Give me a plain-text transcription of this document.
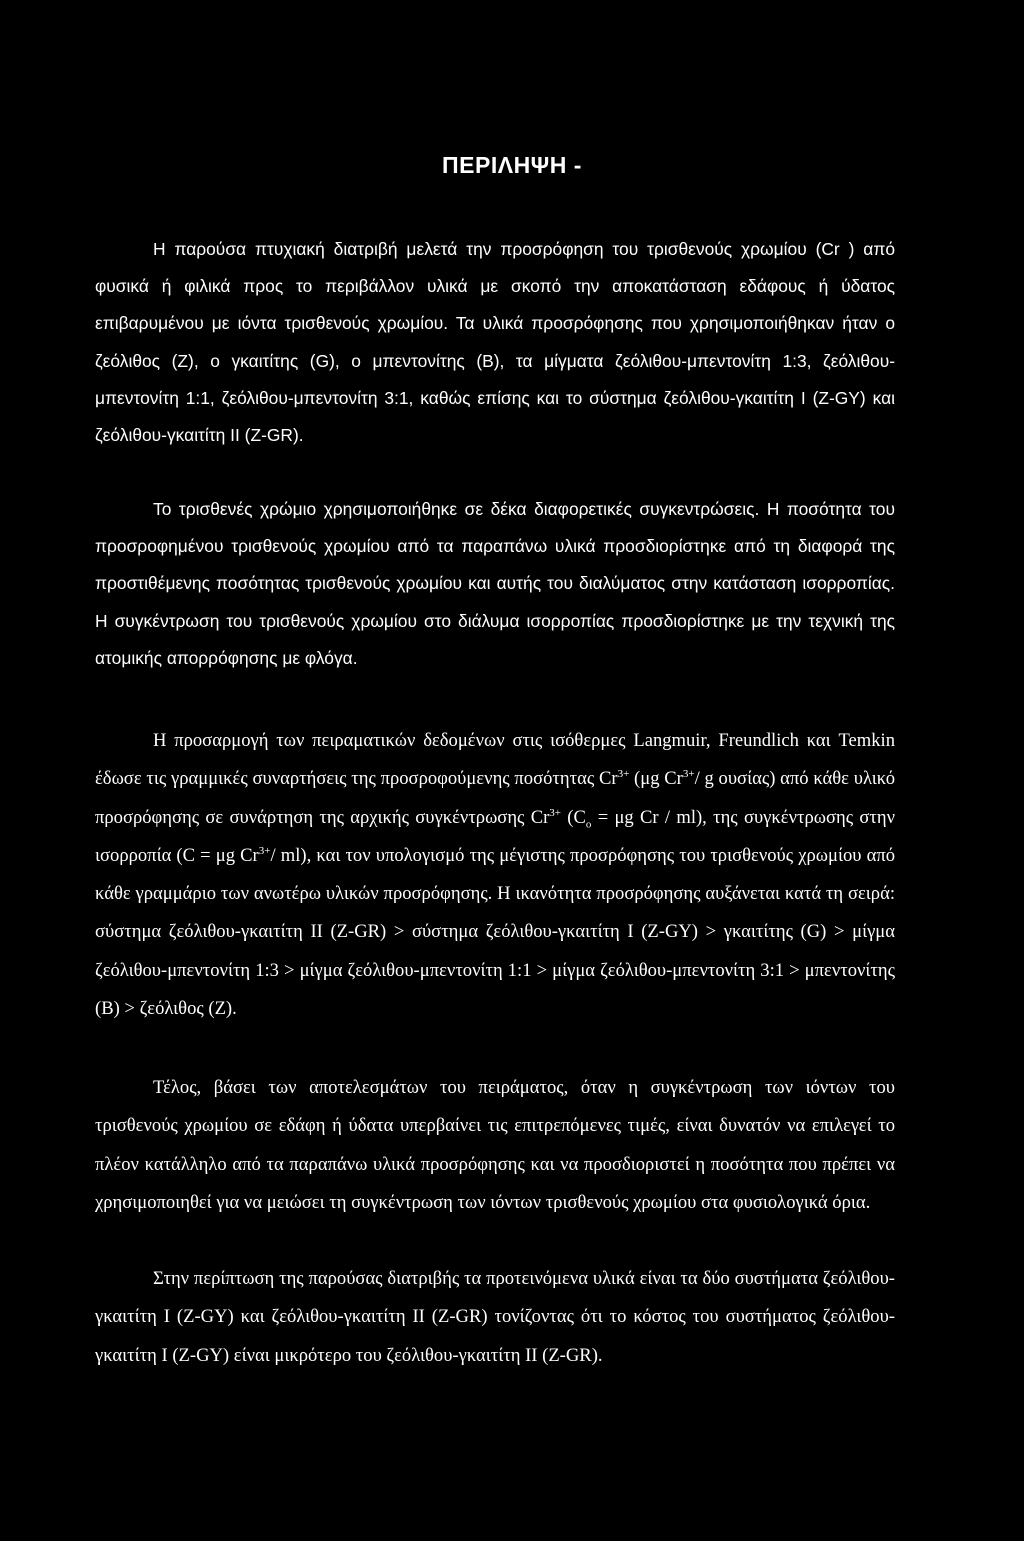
ΠΕΡΙΛΗΨΗ -

Η παρούσα πτυχιακή διατριβή μελετά την προσρόφηση του τρισθενούς χρωμίου (Cr ) από φυσικά ή φιλικά προς το περιβάλλον υλικά με σκοπό την αποκατάσταση εδάφους ή ύδατος επιβαρυμένου με ιόντα τρισθενούς χρωμίου. Τα υλικά προσρόφησης που χρησιμοποιήθηκαν ήταν ο ζεόλιθος (Ζ), ο γκαιτίτης (G), ο μπεντονίτης (Β), τα μίγματα ζεόλιθου-μπεντονίτη 1:3, ζεόλιθου-μπεντονίτη 1:1, ζεόλιθου-μπεντονίτη 3:1, καθώς επίσης και το σύστημα ζεόλιθου-γκαιτίτη I (Z-GY) και ζεόλιθου-γκαιτίτη II (Z-GR).

Το τρισθενές χρώμιο χρησιμοποιήθηκε σε δέκα διαφορετικές συγκεντρώσεις. Η ποσότητα του προσροφημένου τρισθενούς χρωμίου από τα παραπάνω υλικά προσδιορίστηκε από τη διαφορά της προστιθέμενης ποσότητας τρισθενούς χρωμίου και αυτής του διαλύματος στην κατάσταση ισορροπίας. Η συγκέντρωση του τρισθενούς χρωμίου στο διάλυμα ισορροπίας προσδιορίστηκε με την τεχνική της ατομικής απορρόφησης με φλόγα.

Η προσαρμογή των πειραματικών δεδομένων στις ισόθερμες Langmuir, Freundlich και Temkin έδωσε τις γραμμικές συναρτήσεις της προσροφούμενης ποσότητας $Cr^{3+}$ (μg $Cr^{3+}/$ g ουσίας) από κάθε υλικό προσρόφησης σε συνάρτηση της αρχικής συγκέντρωσης $Cr^{3+}$ ($C_o = \mu g$ Cr / ml), της συγκέντρωσης στην ισορροπία (C = μg $Cr^{3+}/$ ml), και τον υπολογισμό της μέγιστης προσρόφησης του τρισθενούς χρωμίου από κάθε γραμμάριο των ανωτέρω υλικών προσρόφησης. Η ικανότητα προσρόφησης αυξάνεται κατά τη σειρά: σύστημα ζεόλιθου-γκαιτίτη II (Z-GR) > σύστημα ζεόλιθου-γκαιτίτη I (Z-GY) > γκαιτίτης (G) > μίγμα ζεόλιθου-μπεντονίτη 1:3 > μίγμα ζεόλιθου-μπεντονίτη 1:1 > μίγμα ζεόλιθου-μπεντονίτη 3:1 > μπεντονίτης (Β) > ζεόλιθος (Ζ).

Τέλος, βάσει των αποτελεσμάτων του πειράματος, όταν η συγκέντρωση των ιόντων του τρισθενούς χρωμίου σε εδάφη ή ύδατα υπερβαίνει τις επιτρεπόμενες τιμές, είναι δυνατόν να επιλεγεί το πλέον κατάλληλο από τα παραπάνω υλικά προσρόφησης και να προσδιοριστεί η ποσότητα που πρέπει να χρησιμοποιηθεί για να μειώσει τη συγκέντρωση των ιόντων τρισθενούς χρωμίου στα φυσιολογικά όρια.

Στην περίπτωση της παρούσας διατριβής τα προτεινόμενα υλικά είναι τα δύο συστήματα ζεόλιθου-γκαιτίτη I (Z-GY) και ζεόλιθου-γκαιτίτη II (Z-GR) τονίζοντας ότι το κόστος του συστήματος ζεόλιθου-γκαιτίτη I (Z-GY) είναι μικρότερο του ζεόλιθου-γκαιτίτη II (Z-GR).
